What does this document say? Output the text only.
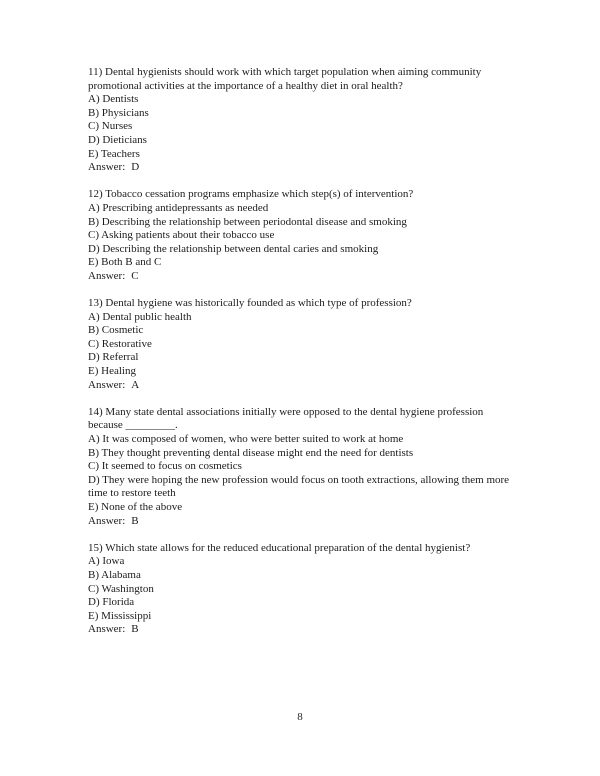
11) Dental hygienists should work with which target population when aiming community promotional activities at the importance of a healthy diet in oral health?

A) Dentists

B) Physicians

C) Nurses

D) Dieticians

E) Teachers

Answer: D

12) Tobacco cessation programs emphasize which step(s) of intervention?

A) Prescribing antidepressants as needed

B) Describing the relationship between periodontal disease and smoking

C) Asking patients about their tobacco use

D) Describing the relationship between dental caries and smoking

E) Both B and C

Answer: C

13) Dental hygiene was historically founded as which type of profession?

A) Dental public health

B) Cosmetic

C) Restorative

D) Referral

E) Healing

Answer: A

14) Many state dental associations initially were opposed to the dental hygiene profession because _________.

A) It was composed of women, who were better suited to work at home

B) They thought preventing dental disease might end the need for dentists

C) It seemed to focus on cosmetics

D) They were hoping the new profession would focus on tooth extractions, allowing them more time to restore teeth

E) None of the above

Answer: B

15) Which state allows for the reduced educational preparation of the dental hygienist?

A) Iowa

B) Alabama

C) Washington

D) Florida

E) Mississippi

Answer: B

8
